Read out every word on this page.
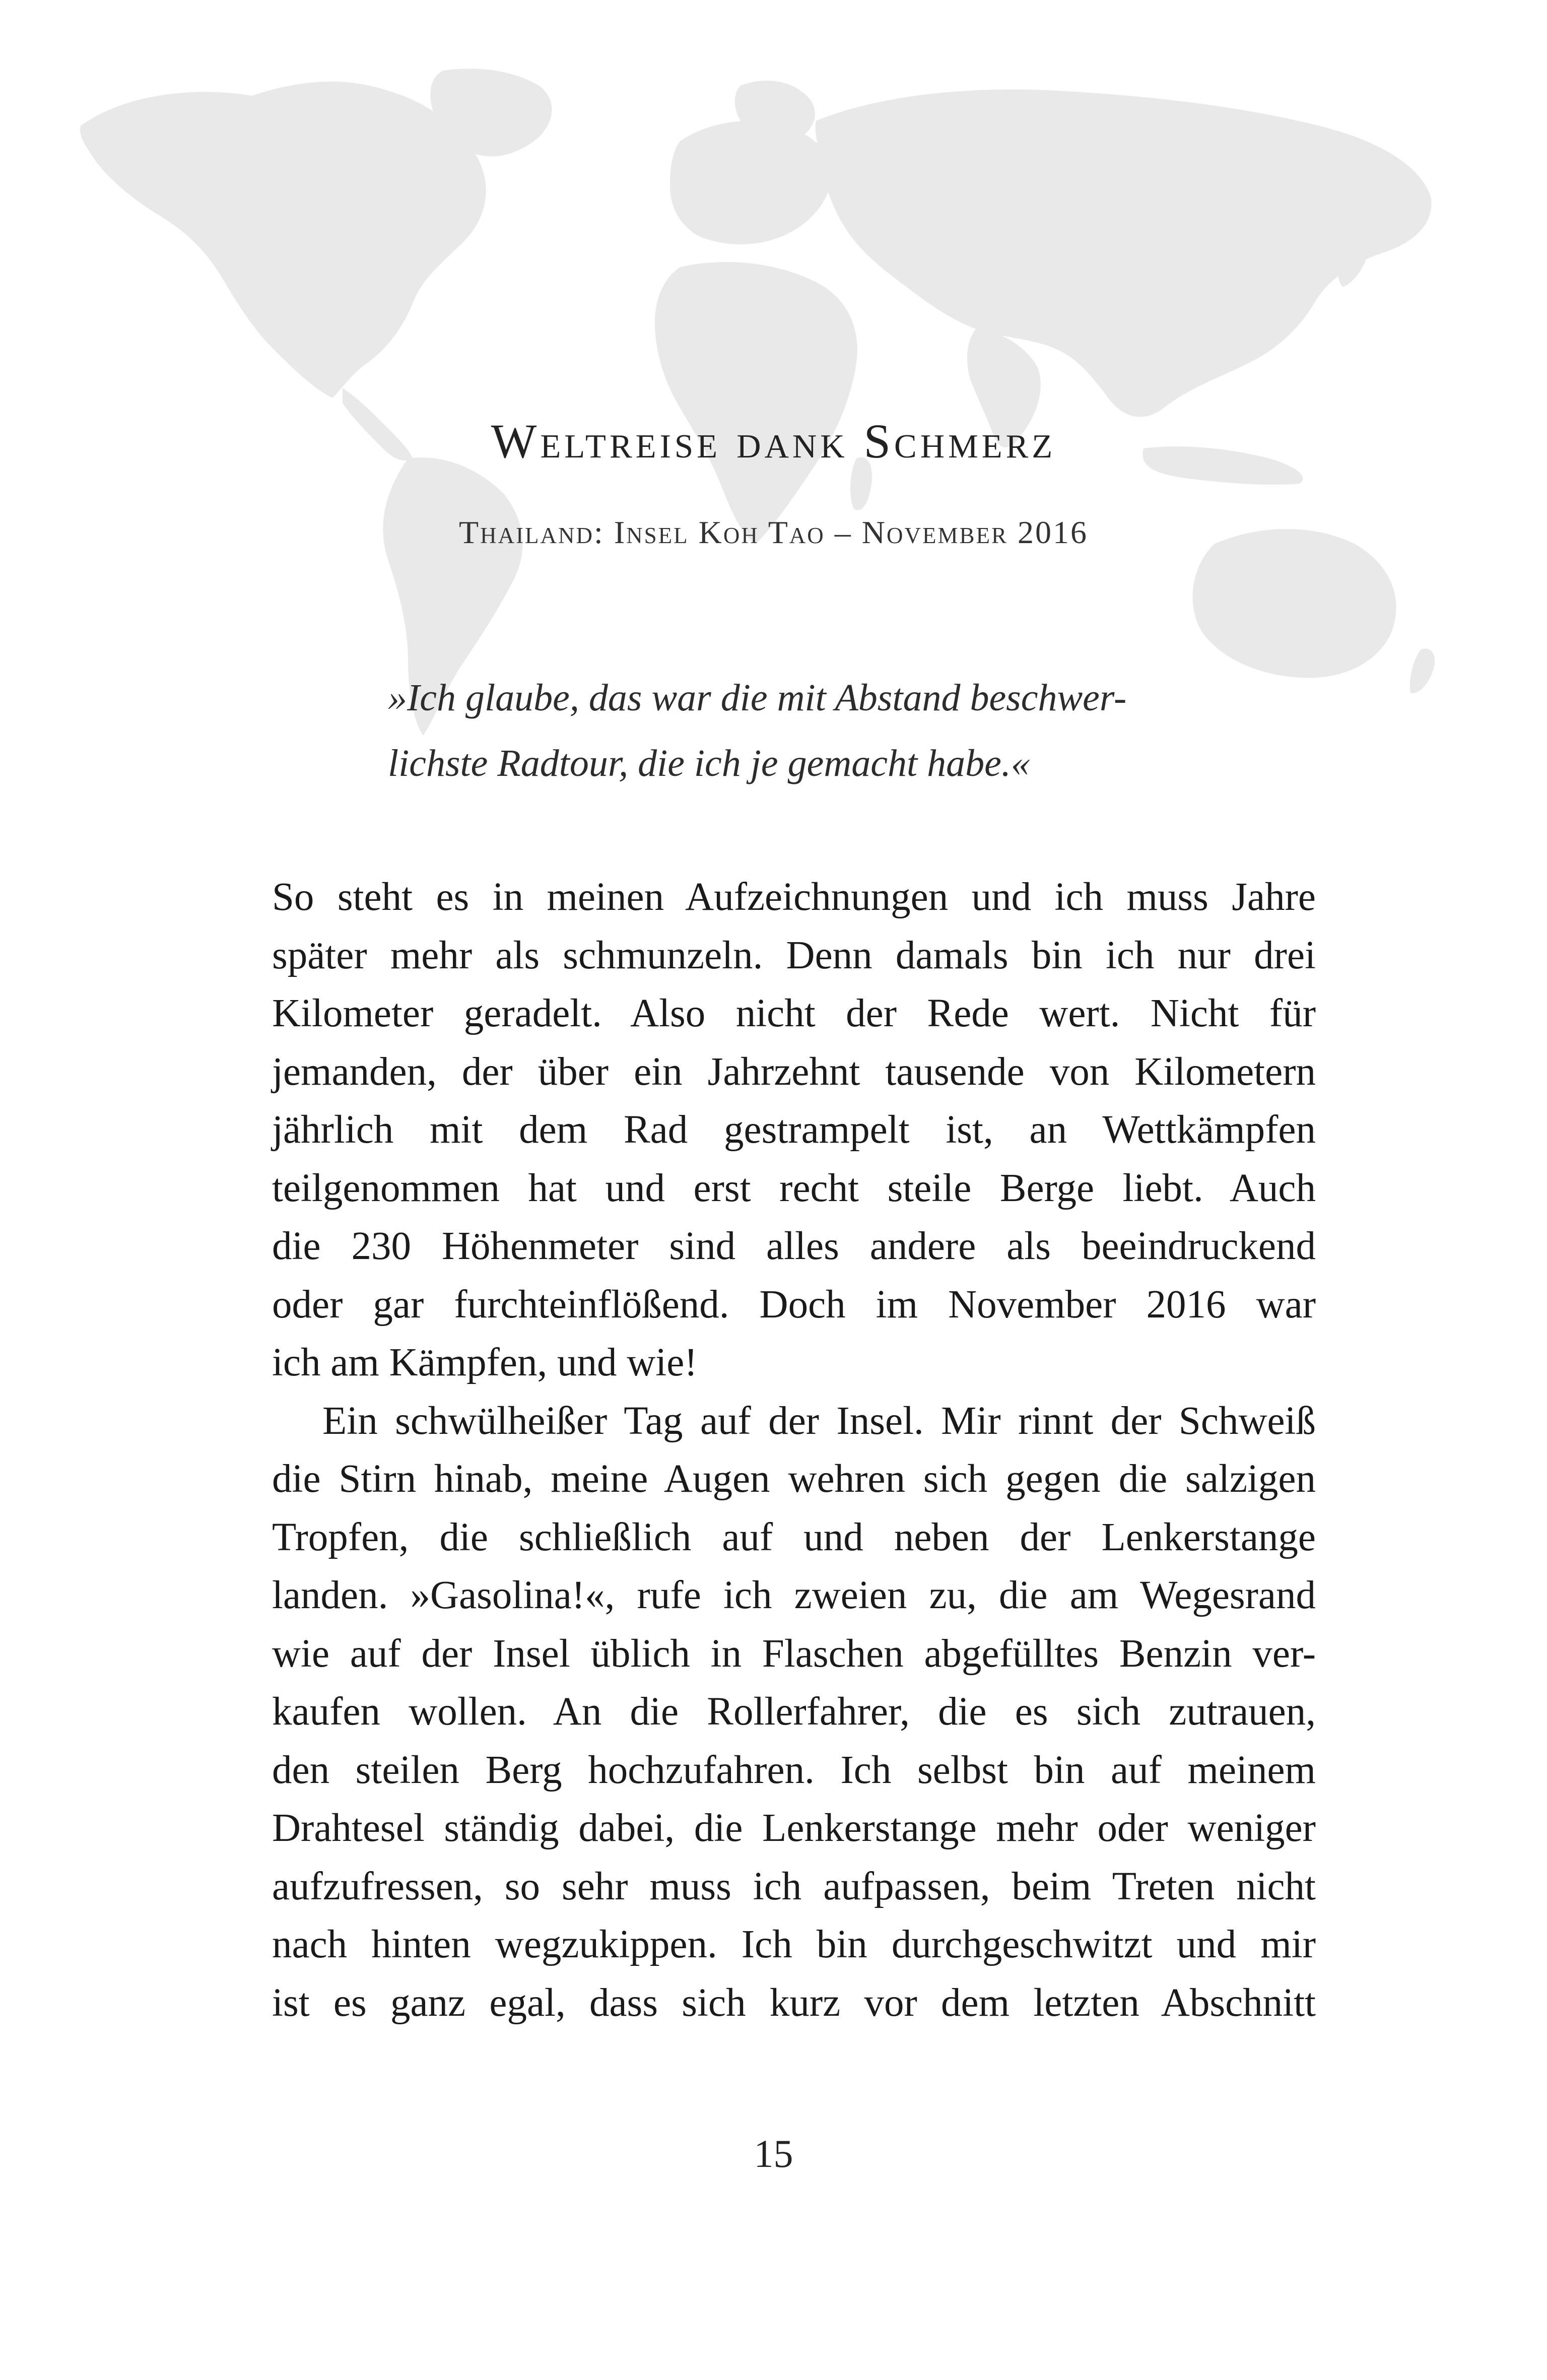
Weltreise dank Schmerz
Thailand: Insel Koh Tao – November 2016
»Ich glaube, das war die mit Abstand beschwer-
lichste Radtour, die ich je gemacht habe.«
So steht es in meinen Aufzeichnungen und ich muss Jahre
später mehr als schmunzeln. Denn damals bin ich nur drei
Kilometer geradelt. Also nicht der Rede wert. Nicht für
jemanden, der über ein Jahrzehnt tausende von Kilometern
jährlich mit dem Rad gestrampelt ist, an Wettkämpfen
teilgenommen hat und erst recht steile Berge liebt. Auch
die 230 Höhenmeter sind alles andere als beeindruckend
oder gar furchteinflößend. Doch im November 2016 war
ich am Kämpfen, und wie!
Ein schwülheißer Tag auf der Insel. Mir rinnt der Schweiß
die Stirn hinab, meine Augen wehren sich gegen die salzigen
Tropfen, die schließlich auf und neben der Lenkerstange
landen. »Gasolina!«, rufe ich zweien zu, die am Wegesrand
wie auf der Insel üblich in Flaschen abgefülltes Benzin ver-
kaufen wollen. An die Rollerfahrer, die es sich zutrauen,
den steilen Berg hochzufahren. Ich selbst bin auf meinem
Drahtesel ständig dabei, die Lenkerstange mehr oder weniger
aufzufressen, so sehr muss ich aufpassen, beim Treten nicht
nach hinten wegzukippen. Ich bin durchgeschwitzt und mir
ist es ganz egal, dass sich kurz vor dem letzten Abschnitt
15
